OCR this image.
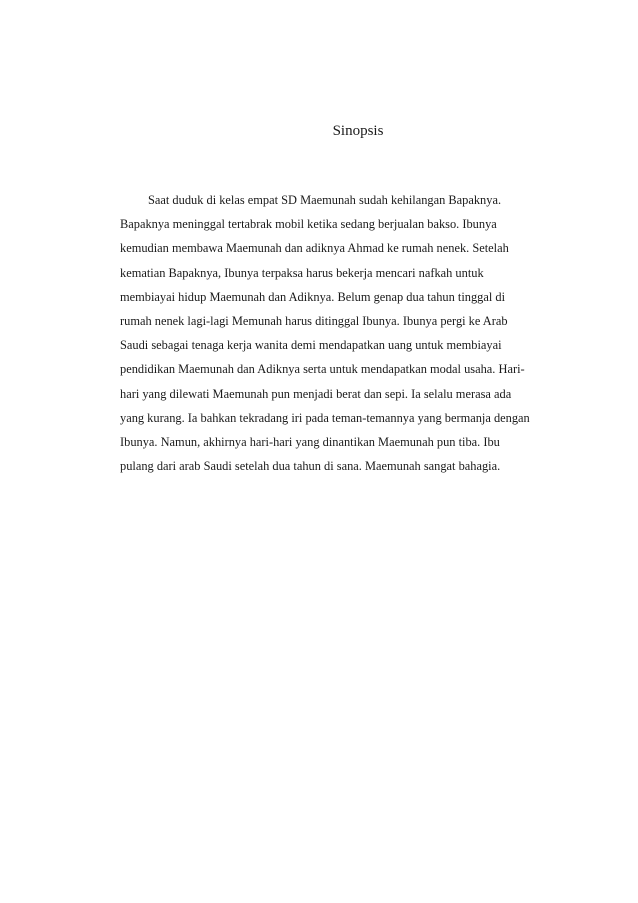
Sinopsis
Saat duduk di kelas empat SD Maemunah sudah kehilangan Bapaknya.
Bapaknya meninggal tertabrak mobil ketika sedang berjualan bakso. Ibunya
kemudian membawa Maemunah dan adiknya Ahmad ke rumah nenek. Setelah
kematian Bapaknya, Ibunya terpaksa harus bekerja mencari nafkah untuk
membiayai hidup Maemunah dan Adiknya. Belum genap dua tahun tinggal di
rumah nenek lagi-lagi Memunah harus ditinggal Ibunya. Ibunya pergi ke Arab
Saudi sebagai tenaga kerja wanita demi mendapatkan uang untuk membiayai
pendidikan Maemunah dan Adiknya serta untuk mendapatkan modal usaha. Hari-
hari yang dilewati Maemunah pun menjadi berat dan sepi. Ia selalu merasa ada
yang kurang. Ia bahkan tekradang iri pada teman-temannya yang bermanja dengan
Ibunya. Namun, akhirnya hari-hari yang dinantikan Maemunah pun tiba. Ibu
pulang dari arab Saudi setelah dua tahun di sana. Maemunah sangat bahagia.
